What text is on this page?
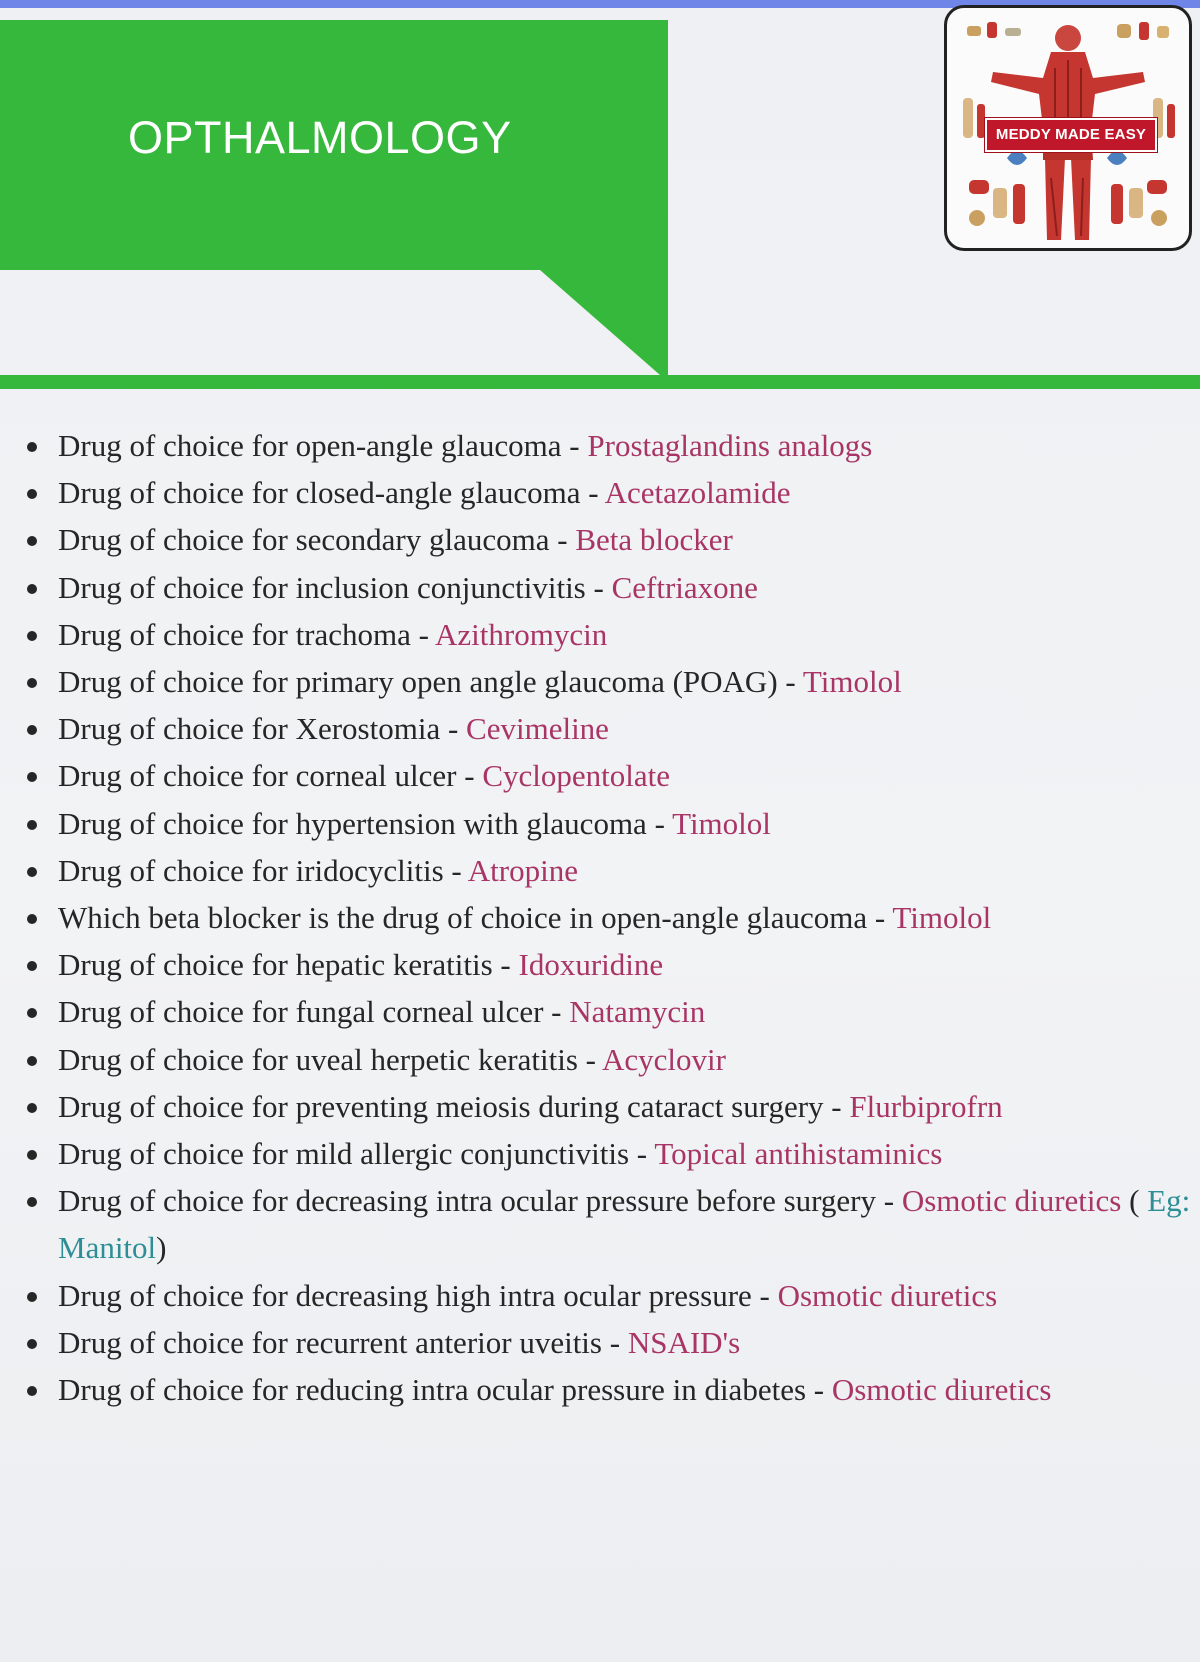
OPTHALMOLOGY	MEDDY MADE EASY
Drug of choice for open-angle glaucoma - Prostaglandins analogs
Drug of choice for closed-angle glaucoma - Acetazolamide
Drug of choice for secondary glaucoma - Beta blocker
Drug of choice for inclusion conjunctivitis - Ceftriaxone
Drug of choice for trachoma - Azithromycin
Drug of choice for primary open angle glaucoma (POAG) - Timolol
Drug of choice for Xerostomia - Cevimeline
Drug of choice for corneal ulcer - Cyclopentolate
Drug of choice for hypertension with glaucoma - Timolol
Drug of choice for iridocyclitis - Atropine
Which beta blocker is the drug of choice in open-angle glaucoma - Timolol
Drug of choice for hepatic keratitis - Idoxuridine
Drug of choice for fungal corneal ulcer - Natamycin
Drug of choice for uveal herpetic keratitis - Acyclovir
Drug of choice for preventing meiosis during cataract surgery - Flurbiprofrn
Drug of choice for mild allergic conjunctivitis - Topical antihistaminics
Drug of choice for decreasing intra ocular pressure before surgery - Osmotic diuretics ( Eg: Manitol)
Drug of choice for decreasing high intra ocular pressure - Osmotic diuretics
Drug of choice for recurrent anterior uveitis - NSAID's
Drug of choice for reducing intra ocular pressure in diabetes - Osmotic diuretics
